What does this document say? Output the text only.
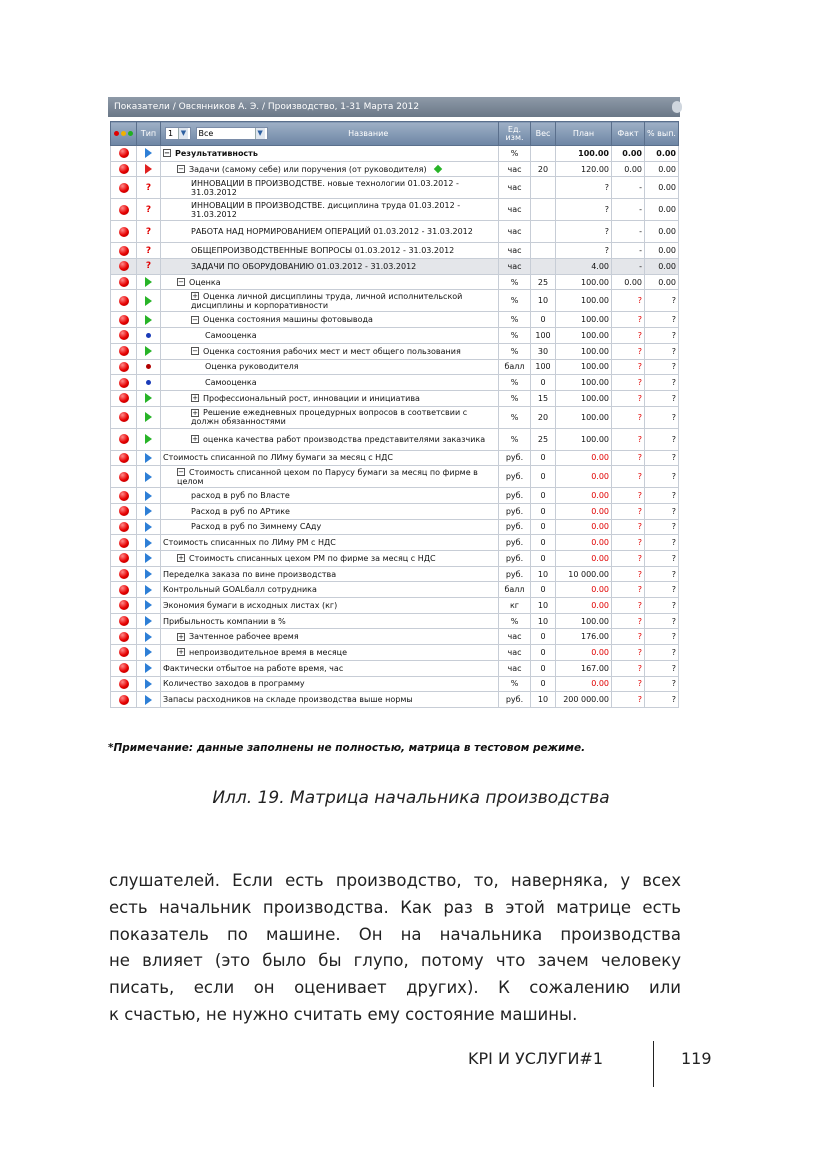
Показатели / Овсянников А. Э. / Производство, 1-31 Марта 2012
	Тип	1 ▼ Все ▼ Название	Ед. изм.	Вес	План	Факт	% вып.
		− Результативность	%		100.00	0.00	0.00
		− Задачи (самому себе) или поручения (от руководителя)	час	20	120.00	0.00	0.00
	?	ИННОВАЦИИ В ПРОИЗВОДСТВЕ. новые технологии 01.03.2012 - 31.03.2012	час		?	-	0.00
	?	ИННОВАЦИИ В ПРОИЗВОДСТВЕ. дисциплина труда 01.03.2012 - 31.03.2012	час		?	-	0.00
	?	РАБОТА НАД НОРМИРОВАНИЕМ ОПЕРАЦИЙ 01.03.2012 - 31.03.2012	час		?	-	0.00
	?	ОБЩЕПРОИЗВОДСТВЕННЫЕ ВОПРОСЫ 01.03.2012 - 31.03.2012	час		?	-	0.00
	?	ЗАДАЧИ ПО ОБОРУДОВАНИЮ 01.03.2012 - 31.03.2012	час		4.00	-	0.00
		− Оценка	%	25	100.00	0.00	0.00
		+ Оценка личной дисциплины труда, личной исполнительской дисциплины и корпоративности	%	10	100.00	?	?
		− Оценка состояния машины фотовывода	%	0	100.00	?	?
		Самооценка	%	100	100.00	?	?
		− Оценка состояния рабочих мест и мест общего пользования	%	30	100.00	?	?
		Оценка руководителя	балл	100	100.00	?	?
		Самооценка	%	0	100.00	?	?
		+ Профессиональный рост, инновации и инициатива	%	15	100.00	?	?
		+ Решение ежедневных процедурных вопросов в соответсвии с должн обязанностями	%	20	100.00	?	?
		+ оценка качества работ производства представителями заказчика	%	25	100.00	?	?
		Стоимость списанной по ЛИму бумаги за месяц с НДС	руб.	0	0.00	?	?
		− Стоимость списанной цехом по Парусу бумаги за месяц по фирме в целом	руб.	0	0.00	?	?
		расход в руб по Власте	руб.	0	0.00	?	?
		Расход в руб по АРтике	руб.	0	0.00	?	?
		Расход в руб по Зимнему САду	руб.	0	0.00	?	?
		Стоимость списанных по ЛИму РМ с НДС	руб.	0	0.00	?	?
		+ Стоимость списанных цехом РМ по фирме за месяц с НДС	руб.	0	0.00	?	?
		Переделка заказа по вине производства	руб.	10	10 000.00	?	?
		Контрольный GOALбалл сотрудника	балл	0	0.00	?	?
		Экономия бумаги в исходных листах (кг)	кг	10	0.00	?	?
		Прибыльность компании в %	%	10	100.00	?	?
		+ Зачтенное рабочее время	час	0	176.00	?	?
		+ непроизводительное время в месяце	час	0	0.00	?	?
		Фактически отбытое на работе время, час	час	0	167.00	?	?
		Количество заходов в программу	%	0	0.00	?	?
		Запасы расходников на складе производства выше нормы	руб.	10	200 000.00	?	?
*Примечание: данные заполнены не полностью, матрица в тестовом режиме.
Илл. 19. Матрица начальника производства
слушателей. Если есть производство, то, наверняка, у всех
есть начальник производства. Как раз в этой матрице есть
показатель по машине. Он на начальника производства
не влияет (это было бы глупо, потому что зачем человеку
писать, если он оценивает других). К сожалению или
к счастью, не нужно считать ему состояние машины.
KPI И УСЛУГИ#1	119
